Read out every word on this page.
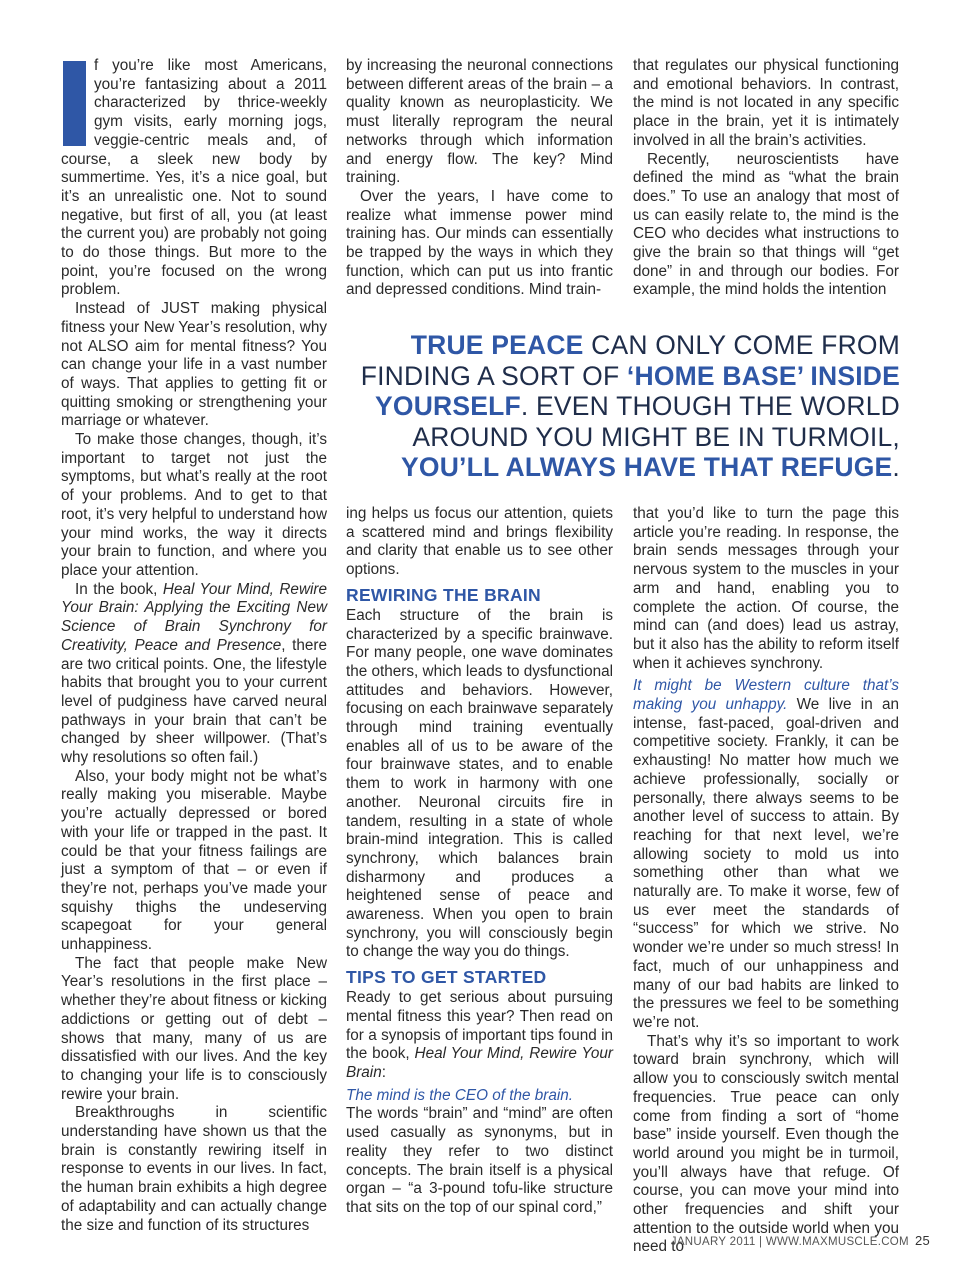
f you’re like most Americans, you’re fantasizing about a 2011 characterized by thrice-weekly gym visits, early morning jogs, veggie-centric meals and, of course, a sleek new body by summertime. Yes, it’s a nice goal, but it’s an unrealistic one. Not to sound negative, but first of all, you (at least the current you) are probably not going to do those things. But more to the point, you’re focused on the wrong problem.

Instead of JUST making physical fitness your New Year’s resolution, why not ALSO aim for mental fitness? You can change your life in a vast number of ways. That applies to getting fit or quitting smoking or strengthening your marriage or whatever.

To make those changes, though, it’s important to target not just the symptoms, but what’s really at the root of your problems. And to get to that root, it’s very helpful to understand how your mind works, the way it directs your brain to function, and where you place your attention.

In the book, Heal Your Mind, Rewire Your Brain: Applying the Exciting New Science of Brain Synchrony for Creativity, Peace and Presence, there are two critical points. One, the lifestyle habits that brought you to your current level of pudginess have carved neural pathways in your brain that can’t be changed by sheer willpower. (That’s why resolutions so often fail.)

Also, your body might not be what’s really making you miserable. Maybe you’re actually depressed or bored with your life or trapped in the past. It could be that your fitness failings are just a symptom of that – or even if they’re not, perhaps you’ve made your squishy thighs the undeserving scapegoat for your general unhappiness.

The fact that people make New Year’s resolutions in the first place – whether they’re about fitness or kicking addictions or getting out of debt – shows that many, many of us are dissatisfied with our lives. And the key to changing your life is to consciously rewire your brain.

Breakthroughs in scientific understanding have shown us that the brain is constantly rewiring itself in response to events in our lives. In fact, the human brain exhibits a high degree of adaptability and can actually change the size and function of its structures

by increasing the neuronal connections between different areas of the brain – a quality known as neuroplasticity. We must literally reprogram the neural networks through which information and energy flow. The key? Mind training.

Over the years, I have come to realize what immense power mind training has. Our minds can essentially be trapped by the ways in which they function, which can put us into frantic and depressed conditions. Mind train-

that regulates our physical functioning and emotional behaviors. In contrast, the mind is not located in any specific place in the brain, yet it is intimately involved in all the brain’s activities.

Recently, neuroscientists have defined the mind as “what the brain does.” To use an analogy that most of us can easily relate to, the mind is the CEO who decides what instructions to give the brain so that things will “get done” in and through our bodies. For example, the mind holds the intention

TRUE PEACE CAN ONLY COME FROM FINDING A SORT OF ‘HOME BASE’ INSIDE YOURSELF. EVEN THOUGH THE WORLD AROUND YOU MIGHT BE IN TURMOIL, YOU’LL ALWAYS HAVE THAT REFUGE.

ing helps us focus our attention, quiets a scattered mind and brings flexibility and clarity that enable us to see other options.

REWIRING THE BRAIN

Each structure of the brain is characterized by a specific brainwave. For many people, one wave dominates the others, which leads to dysfunctional attitudes and behaviors. However, focusing on each brainwave separately through mind training eventually enables all of us to be aware of the four brainwave states, and to enable them to work in harmony with one another. Neuronal circuits fire in tandem, resulting in a state of whole brain-mind integration. This is called synchrony, which balances brain disharmony and produces a heightened sense of peace and awareness. When you open to brain synchrony, you will consciously begin to change the way you do things.

TIPS TO GET STARTED

Ready to get serious about pursuing mental fitness this year? Then read on for a synopsis of important tips found in the book, Heal Your Mind, Rewire Your Brain:

The mind is the CEO of the brain.

The words “brain” and “mind” are often used casually as synonyms, but in reality they refer to two distinct concepts. The brain itself is a physical organ – “a 3-pound tofu-like structure that sits on the top of our spinal cord,”

that you’d like to turn the page this article you’re reading. In response, the brain sends messages through your nervous system to the muscles in your arm and hand, enabling you to complete the action. Of course, the mind can (and does) lead us astray, but it also has the ability to reform itself when it achieves synchrony.

It might be Western culture that’s making you unhappy. We live in an intense, fast-paced, goal-driven and competitive society. Frankly, it can be exhausting! No matter how much we achieve professionally, socially or personally, there always seems to be another level of success to attain. By reaching for that next level, we’re allowing society to mold us into something other than what we naturally are. To make it worse, few of us ever meet the standards of “success” for which we strive. No wonder we’re under so much stress! In fact, much of our unhappiness and many of our bad habits are linked to the pressures we feel to be something we’re not.

That’s why it’s so important to work toward brain synchrony, which will allow you to consciously switch mental frequencies. True peace can only come from finding a sort of “home base” inside yourself. Even though the world around you might be in turmoil, you’ll always have that refuge. Of course, you can move your mind into other frequencies and shift your attention to the outside world when you need to

JANUARY 2011 | WWW.MAXMUSCLE.COM 25
